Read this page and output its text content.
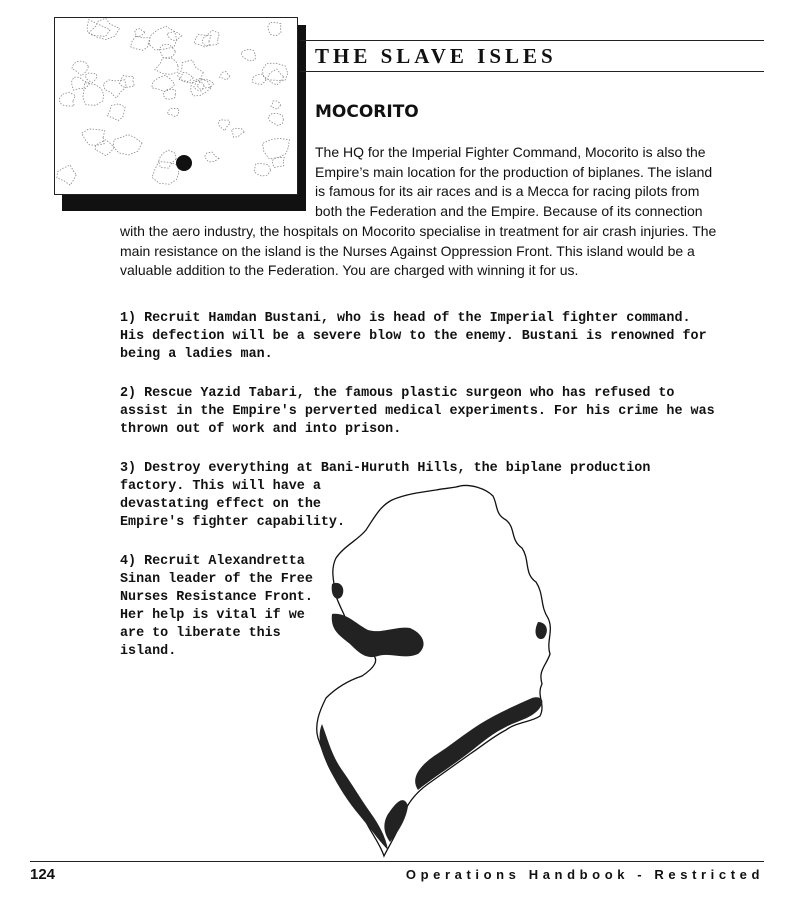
THE SLAVE ISLES
MOCORITO

The HQ for the Imperial Fighter Command, Mocorito is also the Empire’s main location for the production of biplanes. The island is famous for its air races and is a Mecca for racing pilots from both the Federation and the Empire. Because of its connection with the aero industry, the hospitals on Mocorito specialise in treatment for air crash injuries. The main resistance on the island is the Nurses Against Oppression Front. This island would be a valuable addition to the Federation. You are charged with winning it for us.

1) Recruit Hamdan Bustani, who is head of the Imperial fighter command. His defection will be a severe blow to the enemy. Bustani is renowned for being a ladies man.

2) Rescue Yazid Tabari, the famous plastic surgeon who has refused to assist in the Empire's perverted medical experiments. For his crime he was thrown out of work and into prison.

3) Destroy everything at Bani-Huruth Hills, the biplane production
factory. This will have a devastating effect on the Empire's fighter capability.

4) Recruit Alexandretta Sinan leader of the Free Nurses Resistance Front. Her help is vital if we are to liberate this island.

124	Operations Handbook - Restricted
